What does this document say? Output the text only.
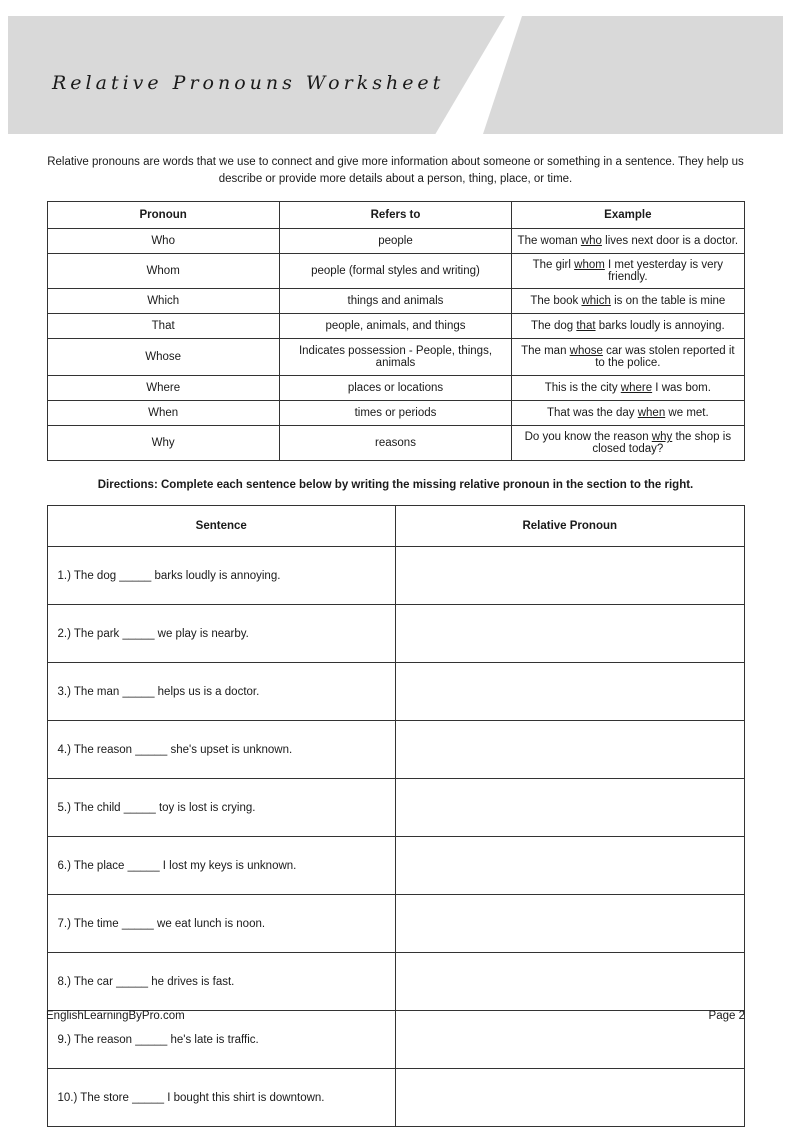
Relative Pronouns Worksheet

Relative pronouns are words that we use to connect and give more information about someone or something in a sentence. They help us describe or provide more details about a person, thing, place, or time.

Pronoun	Refers to	Example
Who	people	The woman who lives next door is a doctor.
Whom	people (formal styles and writing)	The girl whom I met yesterday is very friendly.
Which	things and animals	The book which is on the table is mine
That	people, animals, and things	The dog that barks loudly is annoying.
Whose	Indicates possession - People, things, animals	The man whose car was stolen reported it to the police.
Where	places or locations	This is the city where I was bom.
When	times or periods	That was the day when we met.
Why	reasons	Do you know the reason why the shop is closed today?

Directions: Complete each sentence below by writing the missing relative pronoun in the section to the right.

Sentence	Relative Pronoun
1.) The dog _____ barks loudly is annoying.	
2.) The park _____ we play is nearby.	
3.) The man _____ helps us is a doctor.	
4.) The reason _____ she's upset is unknown.	
5.) The child _____ toy is lost is crying.	
6.) The place _____ I lost my keys is unknown.	
7.) The time _____ we eat lunch is noon.	
8.) The car _____ he drives is fast.	
9.) The reason _____ he's late is traffic.	
10.) The store _____ I bought this shirt is downtown.	
EnglishLearningByPro.com	Page 2
